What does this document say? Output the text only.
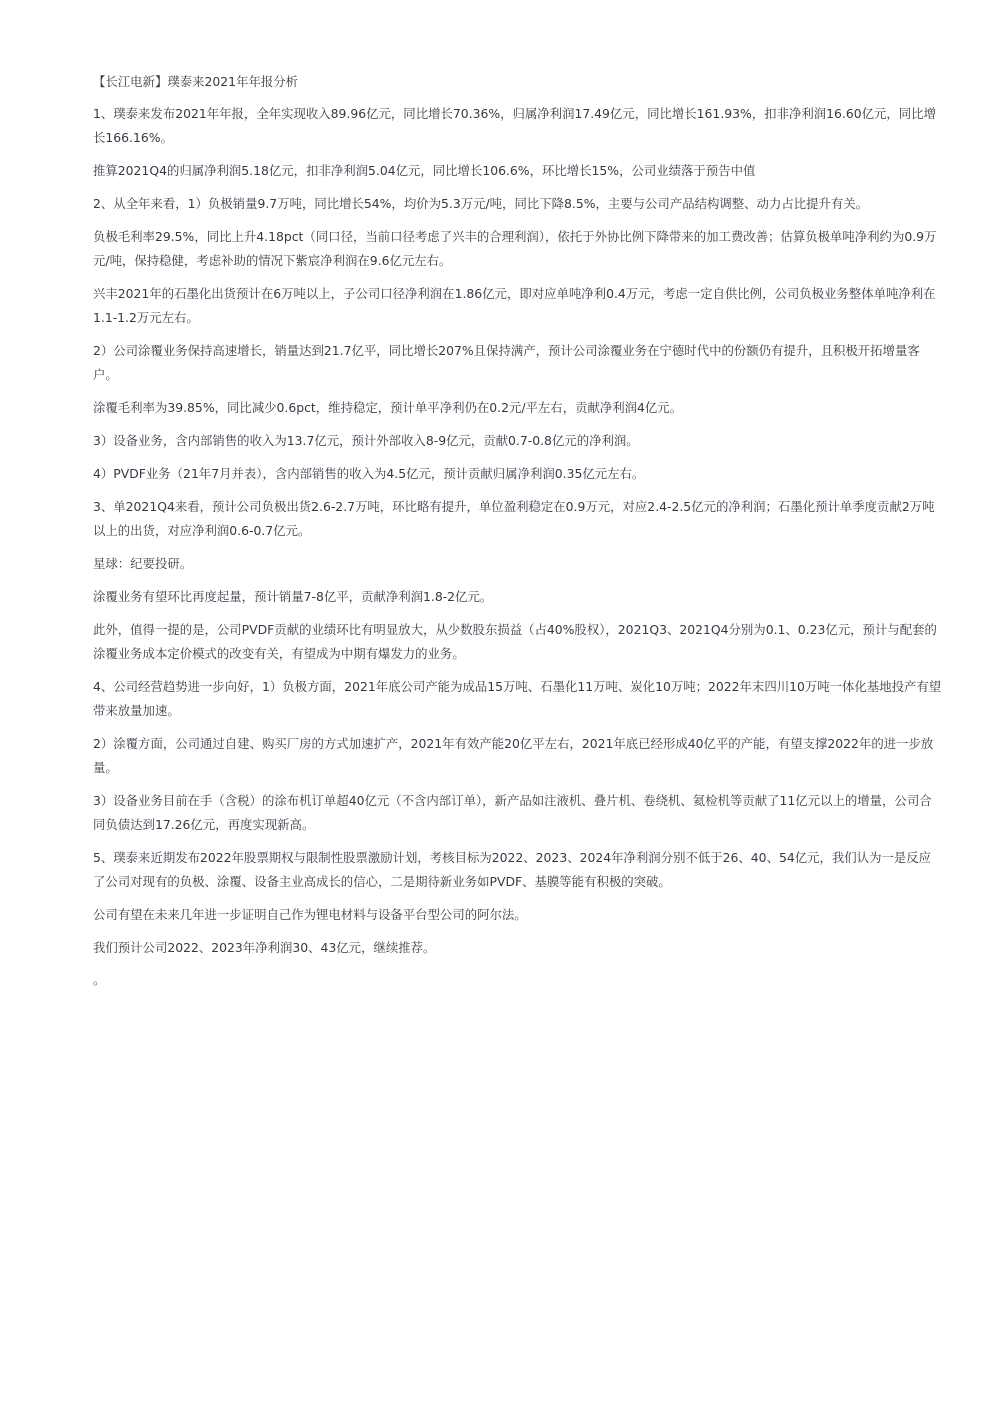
【长江电新】璞泰来2021年年报分析

1、璞泰来发布2021年年报，全年实现收入89.96亿元，同比增长70.36%，归属净利润17.49亿元，同比增长161.93%，扣非净利润16.60亿元，同比增长166.16%。

推算2021Q4的归属净利润5.18亿元，扣非净利润5.04亿元，同比增长106.6%，环比增长15%，公司业绩落于预告中值

2、从全年来看，1）负极销量9.7万吨，同比增长54%，均价为5.3万元/吨，同比下降8.5%，主要与公司产品结构调整、动力占比提升有关。

负极毛利率29.5%，同比上升4.18pct（同口径，当前口径考虑了兴丰的合理利润），依托于外协比例下降带来的加工费改善；估算负极单吨净利约为0.9万元/吨，保持稳健，考虑补助的情况下紫宸净利润在9.6亿元左右。

兴丰2021年的石墨化出货预计在6万吨以上，子公司口径净利润在1.86亿元，即对应单吨净利0.4万元，考虑一定自供比例，公司负极业务整体单吨净利在1.1-1.2万元左右。

2）公司涂覆业务保持高速增长，销量达到21.7亿平，同比增长207%且保持满产，预计公司涂覆业务在宁德时代中的份额仍有提升，且积极开拓增量客户。

涂覆毛利率为39.85%，同比减少0.6pct，维持稳定，预计单平净利仍在0.2元/平左右，贡献净利润4亿元。

3）设备业务，含内部销售的收入为13.7亿元，预计外部收入8-9亿元，贡献0.7-0.8亿元的净利润。

4）PVDF业务（21年7月并表），含内部销售的收入为4.5亿元，预计贡献归属净利润0.35亿元左右。

3、单2021Q4来看，预计公司负极出货2.6-2.7万吨，环比略有提升，单位盈利稳定在0.9万元，对应2.4-2.5亿元的净利润；石墨化预计单季度贡献2万吨以上的出货，对应净利润0.6-0.7亿元。

星球：纪要投研。

涂覆业务有望环比再度起量，预计销量7-8亿平，贡献净利润1.8-2亿元。

此外，值得一提的是，公司PVDF贡献的业绩环比有明显放大，从少数股东损益（占40%股权），2021Q3、2021Q4分别为0.1、0.23亿元，预计与配套的涂覆业务成本定价模式的改变有关，有望成为中期有爆发力的业务。

4、公司经营趋势进一步向好，1）负极方面，2021年底公司产能为成品15万吨、石墨化11万吨、炭化10万吨；2022年末四川10万吨一体化基地投产有望带来放量加速。

2）涂覆方面，公司通过自建、购买厂房的方式加速扩产，2021年有效产能20亿平左右，2021年底已经形成40亿平的产能，有望支撑2022年的进一步放量。

3）设备业务目前在手（含税）的涂布机订单超40亿元（不含内部订单），新产品如注液机、叠片机、卷绕机、氦检机等贡献了11亿元以上的增量，公司合同负债达到17.26亿元，再度实现新高。

5、璞泰来近期发布2022年股票期权与限制性股票激励计划，考核目标为2022、2023、2024年净利润分别不低于26、40、54亿元，我们认为一是反应了公司对现有的负极、涂覆、设备主业高成长的信心，二是期待新业务如PVDF、基膜等能有积极的突破。

公司有望在未来几年进一步证明自己作为锂电材料与设备平台型公司的阿尔法。

我们预计公司2022、2023年净利润30、43亿元，继续推荐。

。
